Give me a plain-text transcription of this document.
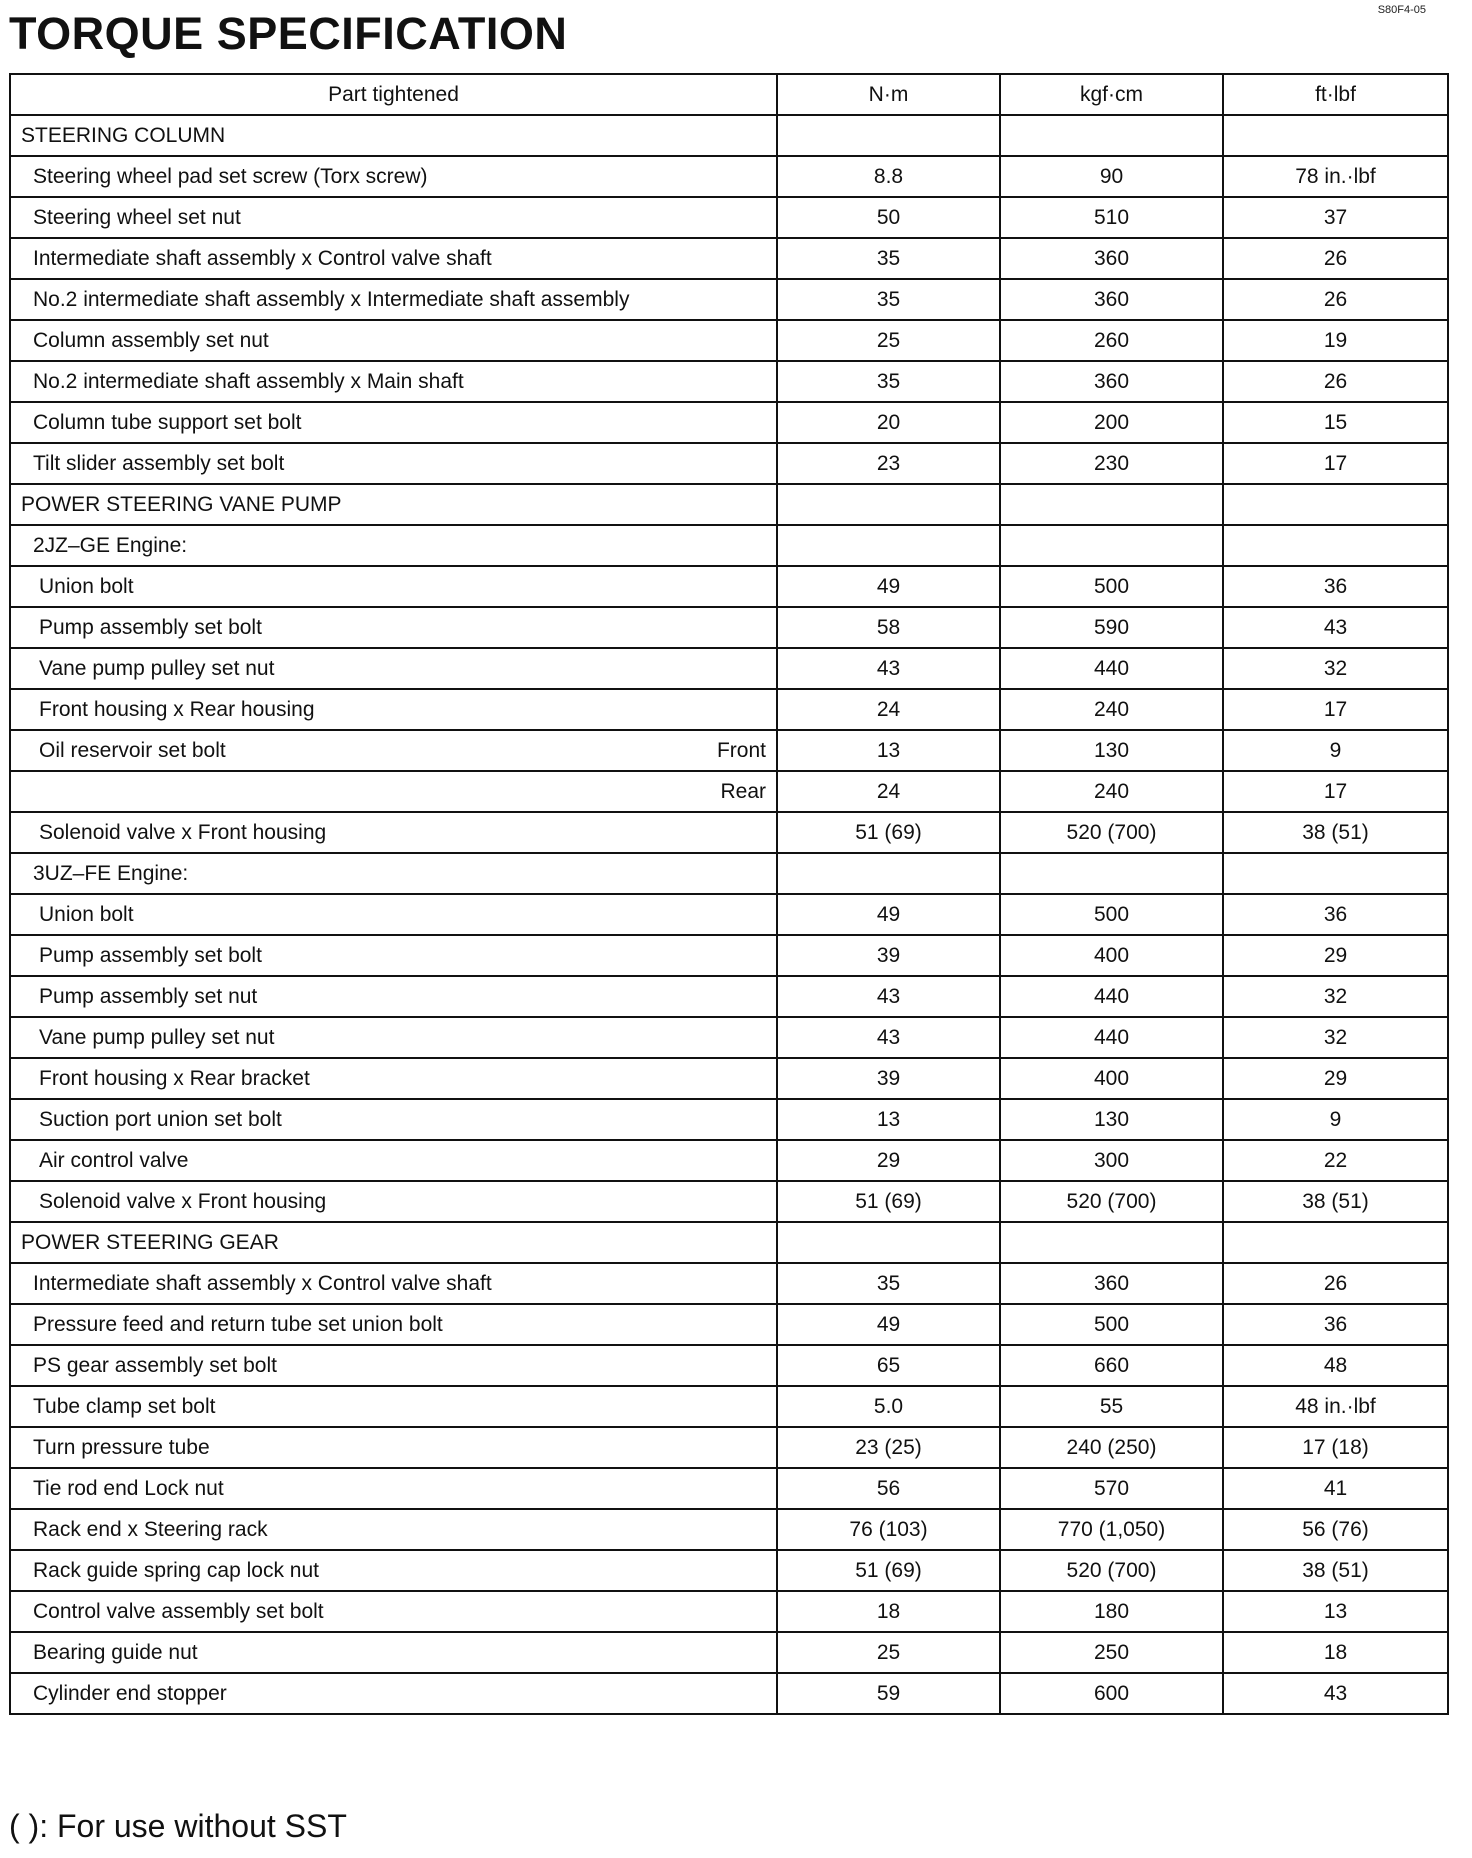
S80F4-05
TORQUE SPECIFICATION
Part tightened	N·m	kgf·cm	ft·lbf

STEERING COLUMN			

Steering wheel pad set screw (Torx screw)	8.8	90	78 in.·lbf

Steering wheel set nut	50	510	37

Intermediate shaft assembly x Control valve shaft	35	360	26

No.2 intermediate shaft assembly x Intermediate shaft assembly	35	360	26

Column assembly set nut	25	260	19

No.2 intermediate shaft assembly x Main shaft	35	360	26

Column tube support set bolt	20	200	15

Tilt slider assembly set bolt	23	230	17

POWER STEERING VANE PUMP			

2JZ–GE Engine:			

Union bolt	49	500	36

Pump assembly set bolt	58	590	43

Vane pump pulley set nut	43	440	32

Front housing x Rear housing	24	240	17

Oil reservoir set bolt Front	13	130	9

Rear	24	240	17

Solenoid valve x Front housing	51 (69)	520 (700)	38 (51)

3UZ–FE Engine:			

Union bolt	49	500	36

Pump assembly set bolt	39	400	29

Pump assembly set nut	43	440	32

Vane pump pulley set nut	43	440	32

Front housing x Rear bracket	39	400	29

Suction port union set bolt	13	130	9

Air control valve	29	300	22

Solenoid valve x Front housing	51 (69)	520 (700)	38 (51)

POWER STEERING GEAR			

Intermediate shaft assembly x Control valve shaft	35	360	26

Pressure feed and return tube set union bolt	49	500	36

PS gear assembly set bolt	65	660	48

Tube clamp set bolt	5.0	55	48 in.·lbf

Turn pressure tube	23 (25)	240 (250)	17 (18)

Tie rod end Lock nut	56	570	41

Rack end x Steering rack	76 (103)	770 (1,050)	56 (76)

Rack guide spring cap lock nut	51 (69)	520 (700)	38 (51)

Control valve assembly set bolt	18	180	13

Bearing guide nut	25	250	18

Cylinder end stopper	59	600	43
( ): For use without SST
